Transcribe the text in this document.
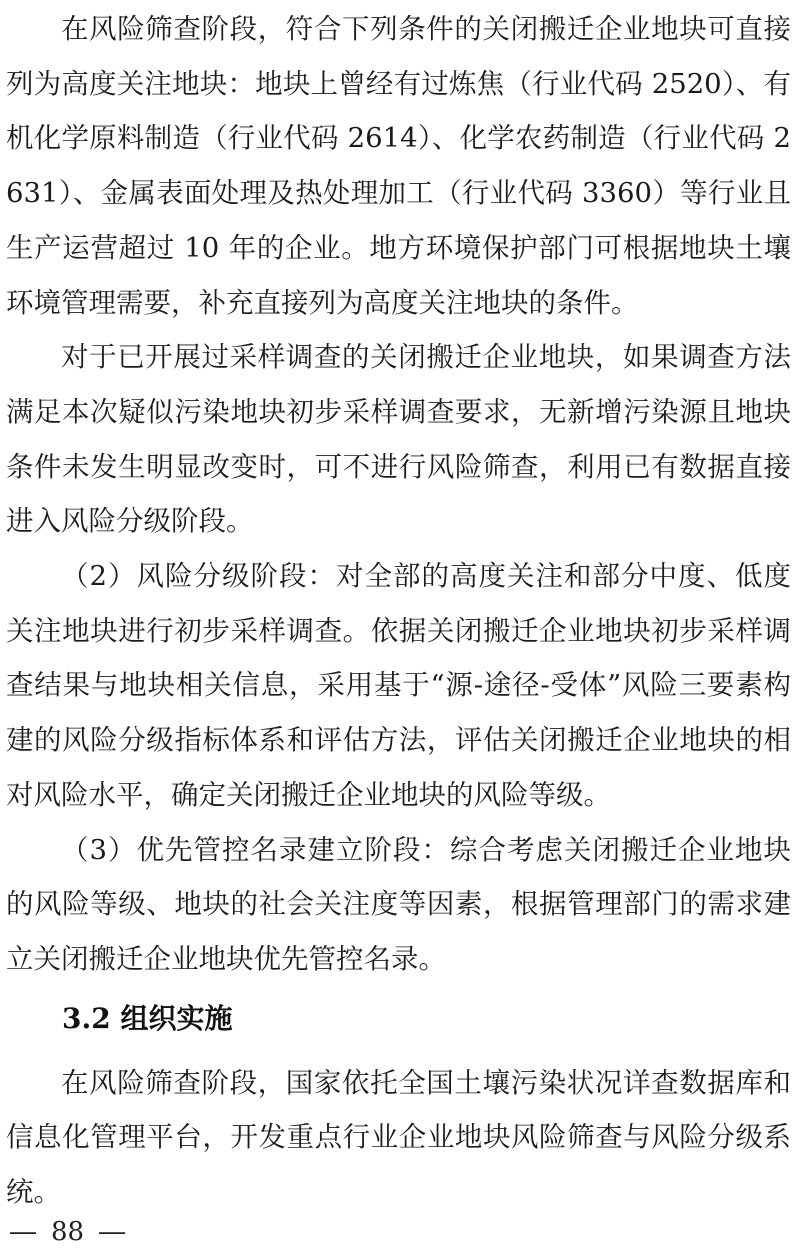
在风险筛查阶段，符合下列条件的关闭搬迁企业地块可直接列为高度关注地块：地块上曾经有过炼焦（行业代码 2520）、有机化学原料制造（行业代码 2614）、化学农药制造（行业代码 2631）、金属表面处理及热处理加工（行业代码 3360）等行业且生产运营超过 10 年的企业。地方环境保护部门可根据地块土壤环境管理需要，补充直接列为高度关注地块的条件。

对于已开展过采样调查的关闭搬迁企业地块，如果调查方法满足本次疑似污染地块初步采样调查要求，无新增污染源且地块条件未发生明显改变时，可不进行风险筛查，利用已有数据直接进入风险分级阶段。

（2）风险分级阶段：对全部的高度关注和部分中度、低度关注地块进行初步采样调查。依据关闭搬迁企业地块初步采样调查结果与地块相关信息，采用基于“源-途径-受体”风险三要素构建的风险分级指标体系和评估方法，评估关闭搬迁企业地块的相对风险水平，确定关闭搬迁企业地块的风险等级。

（3）优先管控名录建立阶段：综合考虑关闭搬迁企业地块的风险等级、地块的社会关注度等因素，根据管理部门的需求建立关闭搬迁企业地块优先管控名录。

3.2 组织实施

在风险筛查阶段，国家依托全国土壤污染状况详查数据库和信息化管理平台，开发重点行业企业地块风险筛查与风险分级系统。

— 88 —
